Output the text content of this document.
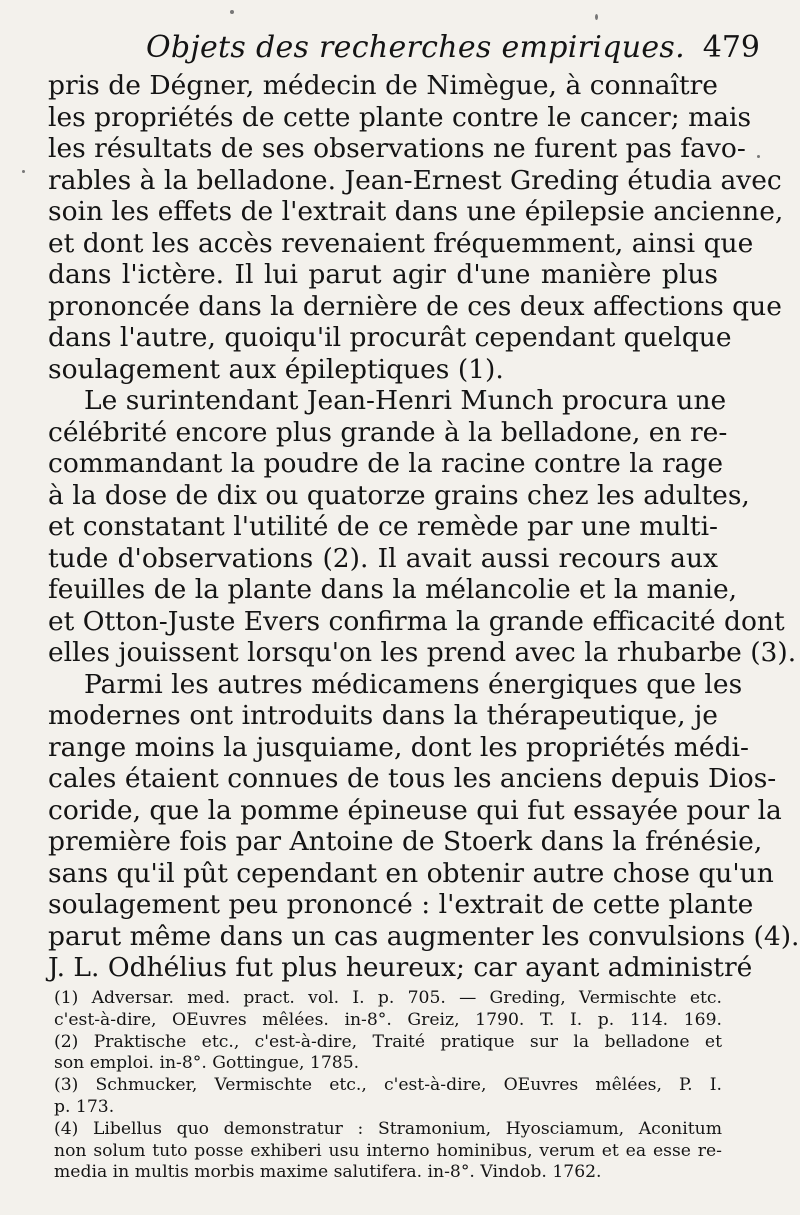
Objets des recherches empiriques. 479
pris de Dégner, médecin de Nimègue, à connaître
les propriétés de cette plante contre le cancer; mais
les résultats de ses observations ne furent pas favo-
rables à la belladone. Jean-Ernest Greding étudia avec
soin les effets de l'extrait dans une épilepsie ancienne,
et dont les accès revenaient fréquemment, ainsi que
dans l'ictère. Il lui parut agir d'une manière plus
prononcée dans la dernière de ces deux affections que
dans l'autre, quoiqu'il procurât cependant quelque
soulagement aux épileptiques (1).
Le surintendant Jean-Henri Munch procura une
célébrité encore plus grande à la belladone, en re-
commandant la poudre de la racine contre la rage
à la dose de dix ou quatorze grains chez les adultes,
et constatant l'utilité de ce remède par une multi-
tude d'observations (2). Il avait aussi recours aux
feuilles de la plante dans la mélancolie et la manie,
et Otton-Juste Evers confirma la grande efficacité dont
elles jouissent lorsqu'on les prend avec la rhubarbe (3).
Parmi les autres médicamens énergiques que les
modernes ont introduits dans la thérapeutique, je
range moins la jusquiame, dont les propriétés médi-
cales étaient connues de tous les anciens depuis Dios-
coride, que la pomme épineuse qui fut essayée pour la
première fois par Antoine de Stoerk dans la frénésie,
sans qu'il pût cependant en obtenir autre chose qu'un
soulagement peu prononcé : l'extrait de cette plante
parut même dans un cas augmenter les convulsions (4).
J. L. Odhélius fut plus heureux; car ayant administré
(1) Adversar. med. pract. vol. I. p. 705. — Greding, Vermischte etc.
c'est-à-dire, OEuvres mêlées. in-8°. Greiz, 1790. T. I. p. 114. 169.
(2) Praktische etc., c'est-à-dire, Traité pratique sur la belladone et
son emploi. in-8°. Gottingue, 1785.
(3) Schmucker, Vermischte etc., c'est-à-dire, OEuvres mêlées, P. I.
p. 173.
(4) Libellus quo demonstratur : Stramonium, Hyosciamum, Aconitum
non solum tuto posse exhiberi usu interno hominibus, verum et ea esse re-
media in multis morbis maxime salutifera. in-8°. Vindob. 1762.
